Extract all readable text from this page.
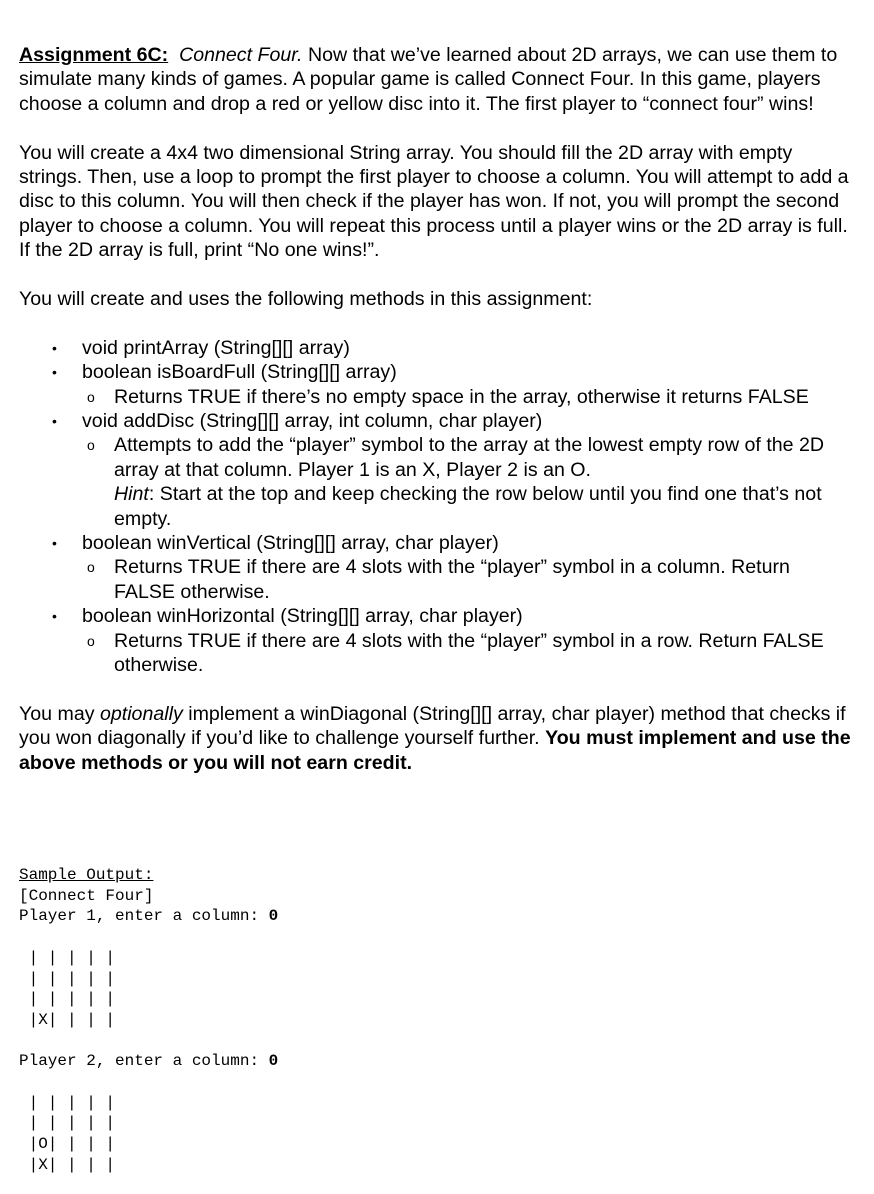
Assignment 6C: Connect Four. Now that we’ve learned about 2D arrays, we can use them to simulate many kinds of games. A popular game is called Connect Four. In this game, players choose a column and drop a red or yellow disc into it. The first player to “connect four” wins!

You will create a 4x4 two dimensional String array. You should fill the 2D array with empty strings. Then, use a loop to prompt the first player to choose a column. You will attempt to add a disc to this column. You will then check if the player has won. If not, you will prompt the second player to choose a column. You will repeat this process until a player wins or the 2D array is full. If the 2D array is full, print “No one wins!”.

You will create and uses the following methods in this assignment:

• void printArray (String[][] array)
• boolean isBoardFull (String[][] array)
o Returns TRUE if there’s no empty space in the array, otherwise it returns FALSE
• void addDisc (String[][] array, int column, char player)
o Attempts to add the “player” symbol to the array at the lowest empty row of the 2D array at that column. Player 1 is an X, Player 2 is an O.
Hint: Start at the top and keep checking the row below until you find one that’s not empty.
• boolean winVertical (String[][] array, char player)
o Returns TRUE if there are 4 slots with the “player” symbol in a column. Return FALSE otherwise.
• boolean winHorizontal (String[][] array, char player)
o Returns TRUE if there are 4 slots with the “player” symbol in a row. Return FALSE otherwise.

You may optionally implement a winDiagonal (String[][] array, char player) method that checks if you won diagonally if you’d like to challenge yourself further. You must implement and use the above methods or you will not earn credit.

Sample Output:
[Connect Four]
Player 1, enter a column: 0

| | | | |
| | | | |
| | | | |
|X| | | |

Player 2, enter a column: 0

| | | | |
| | | | |
|O| | | |
|X| | | |
